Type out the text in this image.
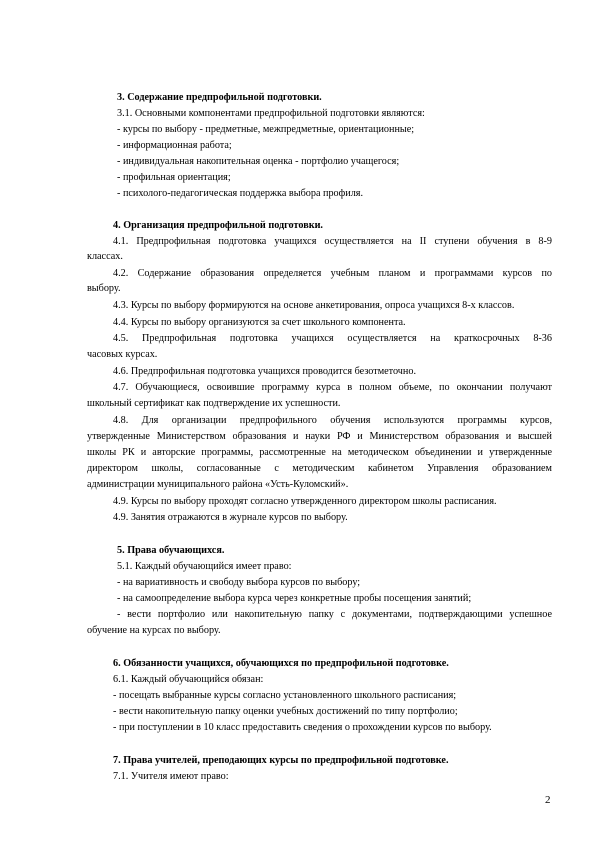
3. Содержание предпрофильной подготовки.
3.1. Основными компонентами предпрофильной подготовки являются:
- курсы по выбору - предметные, межпредметные, ориентационные;
- информационная работа;
- индивидуальная накопительная оценка - портфолио учащегося;
- профильная ориентация;
- психолого-педагогическая поддержка выбора профиля.
4. Организация предпрофильной подготовки.
4.1. Предпрофильная подготовка учащихся осуществляется на II ступени обучения в 8-9
классах.
4.2. Содержание образования определяется учебным планом и программами курсов по
выбору.
4.3. Курсы по выбору формируются на основе анкетирования, опроса учащихся 8-х классов.
4.4. Курсы по выбору организуются за счет школьного компонента.
4.5. Предпрофильная подготовка учащихся осуществляется на краткосрочных 8-36
часовых курсах.
4.6. Предпрофильная подготовка учащихся проводится безотметочно.
4.7. Обучающиеся, освоившие программу курса в полном объеме, по окончании получают
школьный сертификат как подтверждение их успешности.
4.8. Для организации предпрофильного обучения используются программы курсов,
утвержденные Министерством образования и науки РФ и Министерством образования и высшей
школы РК и авторские программы, рассмотренные на методическом объединении и утвержденные
директором школы, согласованные с методическим кабинетом Управления образованием
администрации муниципального района «Усть-Куломский».
4.9. Курсы по выбору проходят согласно утвержденного директором школы расписания.
4.9. Занятия отражаются в журнале курсов по выбору.
5. Права обучающихся.
5.1. Каждый обучающийся имеет право:
- на вариативность и свободу выбора курсов по выбору;
- на самоопределение выбора курса через конкретные пробы посещения занятий;
- вести портфолио или накопительную папку с документами, подтверждающими успешное
обучение на курсах по выбору.
6. Обязанности учащихся, обучающихся по предпрофильной подготовке.
6.1. Каждый обучающийся обязан:
- посещать выбранные курсы согласно установленного школьного расписания;
- вести накопительную папку оценки учебных достижений по типу портфолио;
- при поступлении в 10 класс предоставить сведения о прохождении курсов по выбору.
7. Права учителей, преподающих курсы по предпрофильной подготовке.
7.1. Учителя имеют право:
2
